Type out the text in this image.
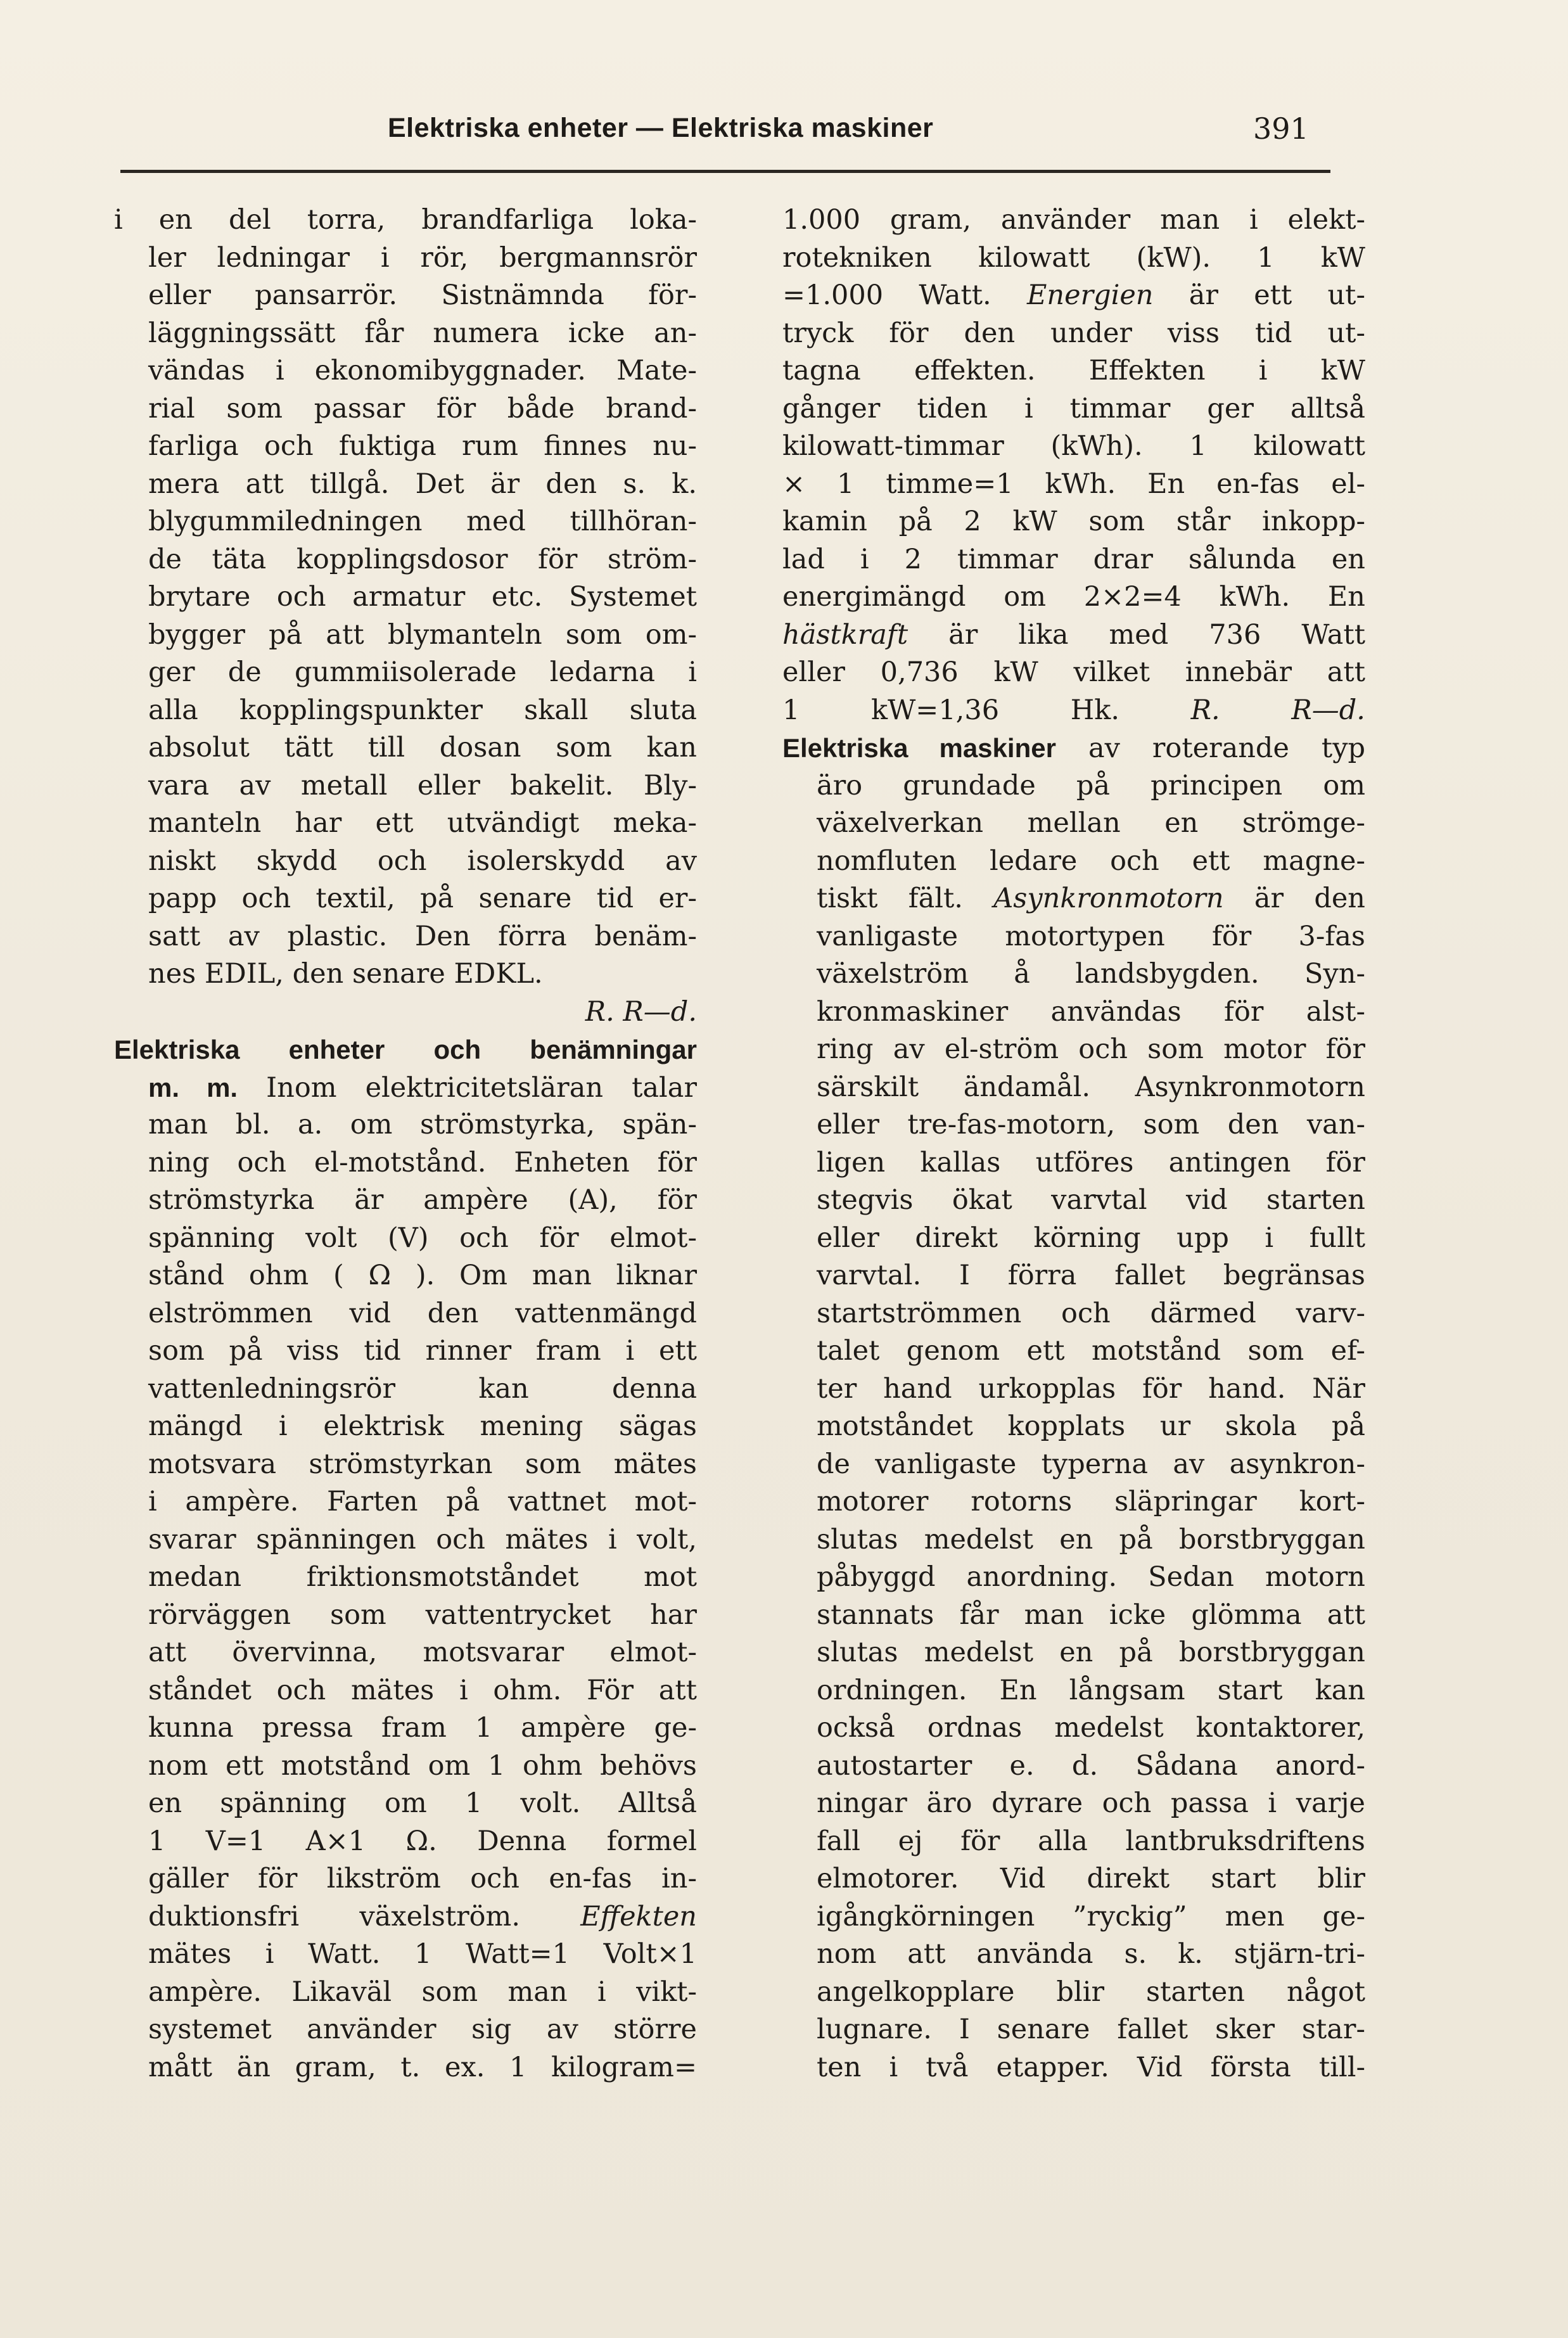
Elektriska enheter — Elektriska maskiner	391
i en del torra, brandfarliga loka-
ler ledningar i rör, bergmannsrör
eller pansarrör. Sistnämnda för-
läggningssätt får numera icke an-
vändas i ekonomibyggnader. Mate-
rial som passar för både brand-
farliga och fuktiga rum finnes nu-
mera att tillgå. Det är den s. k.
blygummiledningen med tillhöran-
de täta kopplingsdosor för ström-
brytare och armatur etc. Systemet
bygger på att blymanteln som om-
ger de gummiisolerade ledarna i
alla kopplingspunkter skall sluta
absolut tätt till dosan som kan
vara av metall eller bakelit. Bly-
manteln har ett utvändigt meka-
niskt skydd och isolerskydd av
papp och textil, på senare tid er-
satt av plastic. Den förra benäm-
nes EDIL, den senare EDKL.
R. R—d.
Elektriska enheter och benämningar
m. m. Inom elektricitetsläran talar
man bl. a. om strömstyrka, spän-
ning och el-motstånd. Enheten för
strömstyrka är ampère (A), för
spänning volt (V) och för elmot-
stånd ohm ( Ω ). Om man liknar
elströmmen vid den vattenmängd
som på viss tid rinner fram i ett
vattenledningsrör kan denna
mängd i elektrisk mening sägas
motsvara strömstyrkan som mätes
i ampère. Farten på vattnet mot-
svarar spänningen och mätes i volt,
medan friktionsmotståndet mot
rörväggen som vattentrycket har
att övervinna, motsvarar elmot-
ståndet och mätes i ohm. För att
kunna pressa fram 1 ampère ge-
nom ett motstånd om 1 ohm behövs
en spänning om 1 volt. Alltså
1 V=1 A×1 Ω. Denna formel
gäller för likström och en-fas in-
duktionsfri växelström. Effekten
mätes i Watt. 1 Watt=1 Volt×1
ampère. Likaväl som man i vikt-
systemet använder sig av större
mått än gram, t. ex. 1 kilogram=
1.000 gram, använder man i elekt-
rotekniken kilowatt (kW). 1 kW
=1.000 Watt. Energien är ett ut-
tryck för den under viss tid ut-
tagna effekten. Effekten i kW
gånger tiden i timmar ger alltså
kilowatt-timmar (kWh). 1 kilowatt
× 1 timme=1 kWh. En en-fas el-
kamin på 2 kW som står inkopp-
lad i 2 timmar drar sålunda en
energimängd om 2×2=4 kWh. En
hästkraft är lika med 736 Watt
eller 0,736 kW vilket innebär att
1 kW=1,36 Hk. R. R—d.
Elektriska maskiner av roterande typ
äro grundade på principen om
växelverkan mellan en strömge-
nomfluten ledare och ett magne-
tiskt fält. Asynkronmotorn är den
vanligaste motortypen för 3-fas
växelström å landsbygden. Syn-
kronmaskiner användas för alst-
ring av el-ström och som motor för
särskilt ändamål. Asynkronmotorn
eller tre-fas-motorn, som den van-
ligen kallas utföres antingen för
stegvis ökat varvtal vid starten
eller direkt körning upp i fullt
varvtal. I förra fallet begränsas
startströmmen och därmed varv-
talet genom ett motstånd som ef-
ter hand urkopplas för hand. När
motståndet kopplats ur skola på
de vanligaste typerna av asynkron-
motorer rotorns släpringar kort-
slutas medelst en på borstbryggan
påbyggd anordning. Sedan motorn
stannats får man icke glömma att
slutas medelst en på borstbryggan
ordningen. En långsam start kan
också ordnas medelst kontaktorer,
autostarter e. d. Sådana anord-
ningar äro dyrare och passa i varje
fall ej för alla lantbruksdriftens
elmotorer. Vid direkt start blir
igångkörningen ”ryckig” men ge-
nom att använda s. k. stjärn-tri-
angelkopplare blir starten något
lugnare. I senare fallet sker star-
ten i två etapper. Vid första till-
